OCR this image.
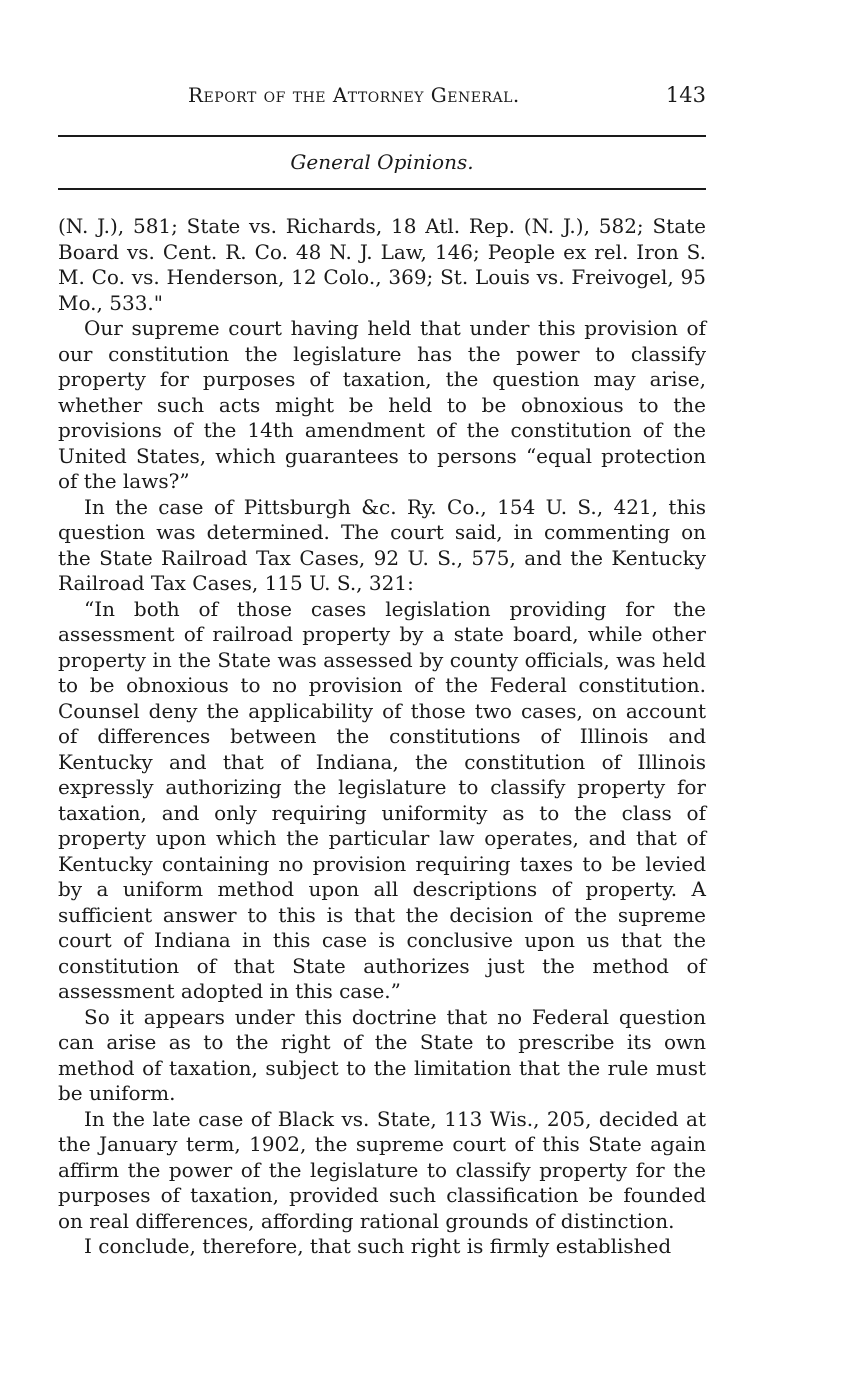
Report of the Attorney General.	143
General Opinions.

(N. J.), 581; State vs. Richards, 18 Atl. Rep. (N. J.), 582; State Board vs. Cent. R. Co. 48 N. J. Law, 146; People ex rel. Iron S. M. Co. vs. Henderson, 12 Colo., 369; St. Louis vs. Freivogel, 95 Mo., 533."

Our supreme court having held that under this provision of our constitution the legislature has the power to classify property for purposes of taxation, the question may arise, whether such acts might be held to be obnoxious to the provisions of the 14th amendment of the constitution of the United States, which guarantees to persons “equal protection of the laws?”

In the case of Pittsburgh &c. Ry. Co., 154 U. S., 421, this question was determined. The court said, in commenting on the State Railroad Tax Cases, 92 U. S., 575, and the Kentucky Railroad Tax Cases, 115 U. S., 321:

“In both of those cases legislation providing for the assessment of railroad property by a state board, while other property in the State was assessed by county officials, was held to be obnoxious to no provision of the Federal constitution. Counsel deny the applicability of those two cases, on account of differences between the constitutions of Illinois and Kentucky and that of Indiana, the constitution of Illinois expressly authorizing the legislature to classify property for taxation, and only requiring uniformity as to the class of property upon which the particular law operates, and that of Kentucky containing no provision requiring taxes to be levied by a uniform method upon all descriptions of property. A sufficient answer to this is that the decision of the supreme court of Indiana in this case is conclusive upon us that the constitution of that State authorizes just the method of assessment adopted in this case.”

So it appears under this doctrine that no Federal question can arise as to the right of the State to prescribe its own method of taxation, subject to the limitation that the rule must be uniform.

In the late case of Black vs. State, 113 Wis., 205, decided at the January term, 1902, the supreme court of this State again affirm the power of the legislature to classify property for the purposes of taxation, provided such classification be founded on real differences, affording rational grounds of distinction.

I conclude, therefore, that such right is firmly established
